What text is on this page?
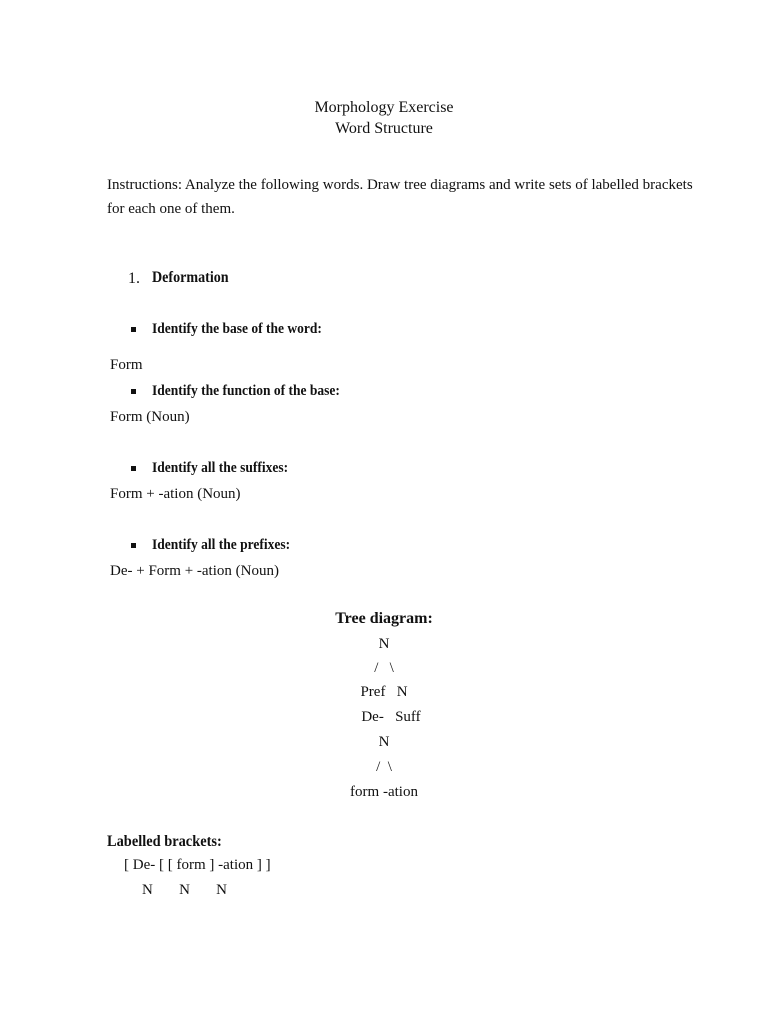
Morphology Exercise
Word Structure
Instructions: Analyze the following words. Draw tree diagrams and write sets of labelled brackets
for each one of them.
1. Deformation
Identify the base of the word:
Form
Identify the function of the base:
Form (Noun)
Identify all the suffixes:
Form + -ation (Noun)
Identify all the prefixes:
De- + Form + -ation (Noun)
Tree diagram:
N
/   \
Pref   N
De-   Suff
N
/  \
form -ation
Labelled brackets:
[ De- [ [ form ] -ation ] ]
N       N       N
